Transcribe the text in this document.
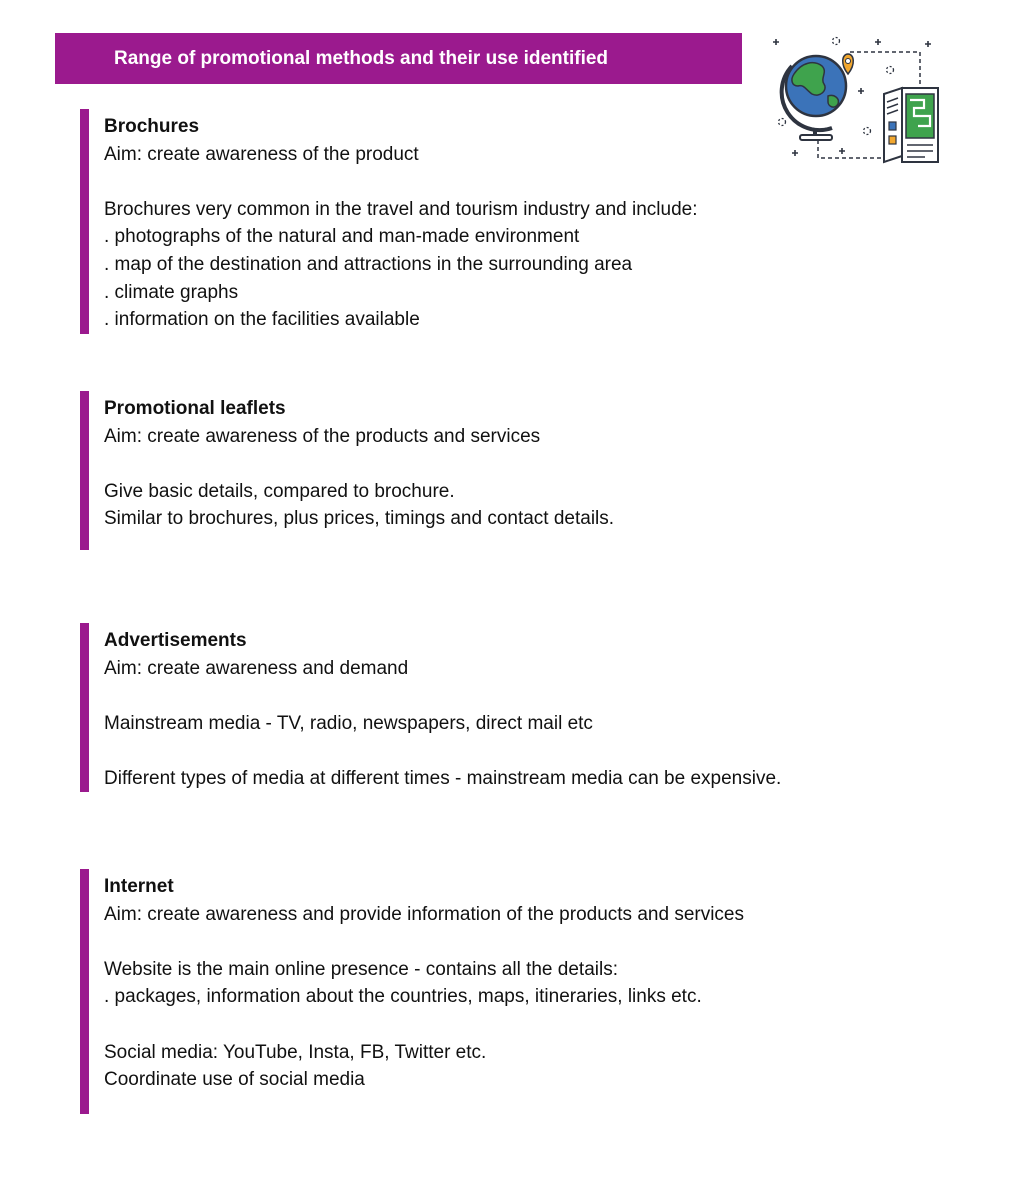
Range of promotional methods and their use identified
Brochures
Aim: create awareness of the product
Brochures very common in the travel and tourism industry and include:
. photographs of the natural and man-made environment
. map of the destination and attractions in the surrounding area
. climate graphs
. information on the facilities available
Promotional leaflets
Aim: create awareness of the products and services
Give basic details, compared to brochure.
Similar to brochures, plus prices, timings and contact details.
Advertisements
Aim: create awareness and demand
Mainstream media - TV, radio, newspapers, direct mail etc
Different types of media at different times - mainstream media can be expensive.
Internet
Aim: create awareness and provide information of the products and services
Website is the main online presence - contains all the details:
. packages, information about the countries, maps, itineraries, links etc.
Social media: YouTube, Insta, FB, Twitter etc.
Coordinate use of social media
